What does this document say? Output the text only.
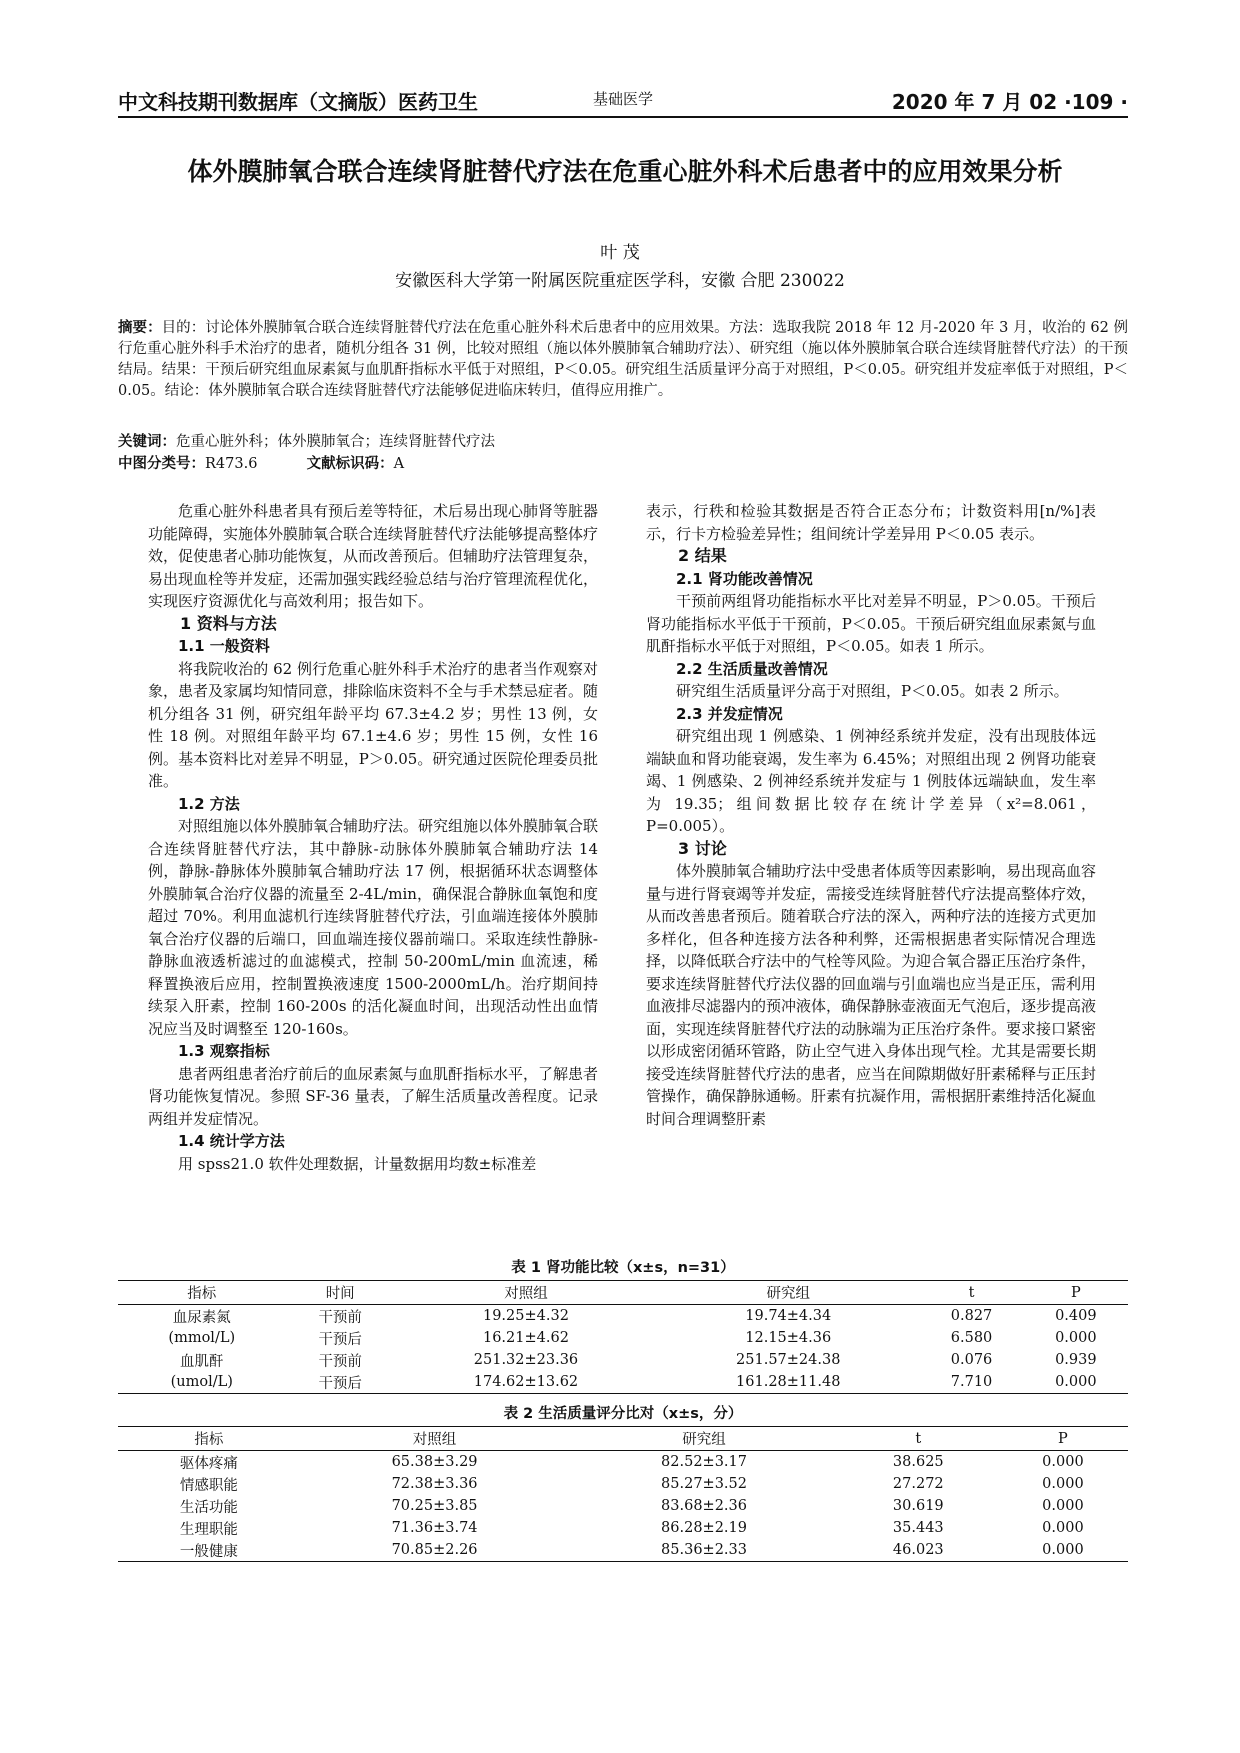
中文科技期刊数据库（文摘版）医药卫生	基础医学	2020 年 7 月 02 ·109 ·
体外膜肺氧合联合连续肾脏替代疗法在危重心脏外科术后患者中的应用效果分析
叶 茂
安徽医科大学第一附属医院重症医学科，安徽 合肥 230022
摘要：目的：讨论体外膜肺氧合联合连续肾脏替代疗法在危重心脏外科术后患者中的应用效果。方法：选取我院 2018 年 12 月-2020 年 3 月，收治的 62 例行危重心脏外科手术治疗的患者，随机分组各 31 例，比较对照组（施以体外膜肺氧合辅助疗法）、研究组（施以体外膜肺氧合联合连续肾脏替代疗法）的干预结局。结果：干预后研究组血尿素氮与血肌酐指标水平低于对照组，P＜0.05。研究组生活质量评分高于对照组，P＜0.05。研究组并发症率低于对照组，P＜0.05。结论：体外膜肺氧合联合连续肾脏替代疗法能够促进临床转归，值得应用推广。
关键词：危重心脏外科；体外膜肺氧合；连续肾脏替代疗法
中图分类号：R473.6	文献标识码：A

危重心脏外科患者具有预后差等特征，术后易出现心肺肾等脏器功能障碍，实施体外膜肺氧合联合连续肾脏替代疗法能够提高整体疗效，促使患者心肺功能恢复，从而改善预后。但辅助疗法管理复杂，易出现血栓等并发症，还需加强实践经验总结与治疗管理流程优化，实现医疗资源优化与高效利用；报告如下。

1 资料与方法
1.1 一般资料

将我院收治的 62 例行危重心脏外科手术治疗的患者当作观察对象，患者及家属均知情同意，排除临床资料不全与手术禁忌症者。随机分组各 31 例，研究组年龄平均 67.3±4.2 岁；男性 13 例，女性 18 例。对照组年龄平均 67.1±4.6 岁；男性 15 例，女性 16 例。基本资料比对差异不明显，P＞0.05。研究通过医院伦理委员批准。

1.2 方法

对照组施以体外膜肺氧合辅助疗法。研究组施以体外膜肺氧合联合连续肾脏替代疗法，其中静脉-动脉体外膜肺氧合辅助疗法 14 例，静脉-静脉体外膜肺氧合辅助疗法 17 例，根据循环状态调整体外膜肺氧合治疗仪器的流量至 2-4L/min，确保混合静脉血氧饱和度超过 70%。利用血滤机行连续肾脏替代疗法，引血端连接体外膜肺氧合治疗仪器的后端口，回血端连接仪器前端口。采取连续性静脉-静脉血液透析滤过的血滤模式，控制 50-200mL/min 血流速，稀释置换液后应用，控制置换液速度 1500-2000mL/h。治疗期间持续泵入肝素，控制 160-200s 的活化凝血时间，出现活动性出血情况应当及时调整至 120-160s。

1.3 观察指标

患者两组患者治疗前后的血尿素氮与血肌酐指标水平，了解患者肾功能恢复情况。参照 SF-36 量表，了解生活质量改善程度。记录两组并发症情况。

1.4 统计学方法

用 spss21.0 软件处理数据，计量数据用均数±标准差

表示，行秩和检验其数据是否符合正态分布；计数资料用[n/%]表示，行卡方检验差异性；组间统计学差异用 P＜0.05 表示。

2 结果
2.1 肾功能改善情况

干预前两组肾功能指标水平比对差异不明显，P＞0.05。干预后肾功能指标水平低于干预前，P＜0.05。干预后研究组血尿素氮与血肌酐指标水平低于对照组，P＜0.05。如表 1 所示。

2.2 生活质量改善情况

研究组生活质量评分高于对照组，P＜0.05。如表 2 所示。

2.3 并发症情况

研究组出现 1 例感染、1 例神经系统并发症，没有出现肢体远端缺血和肾功能衰竭，发生率为 6.45%；对照组出现 2 例肾功能衰竭、1 例感染、2 例神经系统并发症与 1 例肢体远端缺血，发生率为 19.35；组间数据比较存在统计学差异（x²=8.061，P=0.005）。

3 讨论

体外膜肺氧合辅助疗法中受患者体质等因素影响，易出现高血容量与进行肾衰竭等并发症，需接受连续肾脏替代疗法提高整体疗效，从而改善患者预后。随着联合疗法的深入，两种疗法的连接方式更加多样化，但各种连接方法各种利弊，还需根据患者实际情况合理选择，以降低联合疗法中的气栓等风险。为迎合氧合器正压治疗条件，要求连续肾脏替代疗法仪器的回血端与引血端也应当是正压，需利用血液排尽滤器内的预冲液体，确保静脉壶液面无气泡后，逐步提高液面，实现连续肾脏替代疗法的动脉端为正压治疗条件。要求接口紧密以形成密闭循环管路，防止空气进入身体出现气栓。尤其是需要长期接受连续肾脏替代疗法的患者，应当在间隙期做好肝素稀释与正压封管操作，确保静脉通畅。肝素有抗凝作用，需根据肝素维持活化凝血时间合理调整肝素

表 1 肾功能比较（x±s，n=31）
指标	时间	对照组	研究组	t	P
血尿素氮	干预前	19.25±4.32	19.74±4.34	0.827	0.409
(mmol/L)	干预后	16.21±4.62	12.15±4.36	6.580	0.000
血肌酐	干预前	251.32±23.36	251.57±24.38	0.076	0.939
(umol/L)	干预后	174.62±13.62	161.28±11.48	7.710	0.000
表 2 生活质量评分比对（x±s，分）
指标	对照组	研究组	t	P
驱体疼痛	65.38±3.29	82.52±3.17	38.625	0.000
情感职能	72.38±3.36	85.27±3.52	27.272	0.000
生活功能	70.25±3.85	83.68±2.36	30.619	0.000
生理职能	71.36±3.74	86.28±2.19	35.443	0.000
一般健康	70.85±2.26	85.36±2.33	46.023	0.000
